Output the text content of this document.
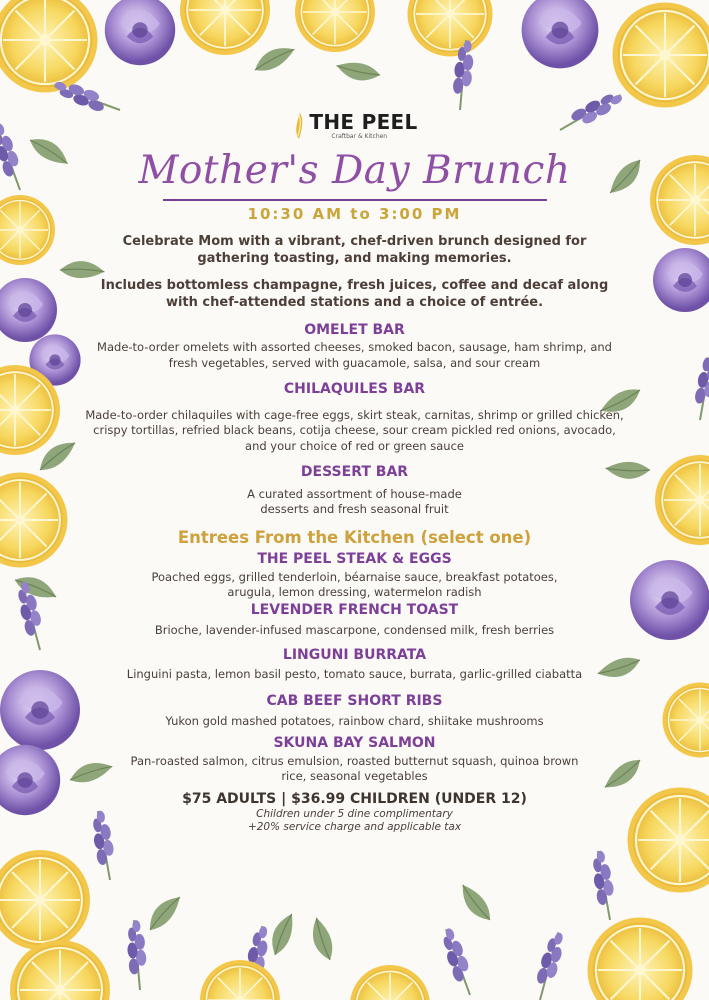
THE PEEL
Craftbar & Kitchen
Mother's Day Brunch
10:30 AM to 3:00 PM

Celebrate Mom with a vibrant, chef-driven brunch designed for gathering toasting, and making memories.

Includes bottomless champagne, fresh juices, coffee and decaf along with chef-attended stations and a choice of entrée.

OMELET BAR

Made-to-order omelets with assorted cheeses, smoked bacon, sausage, ham shrimp, and fresh vegetables, served with guacamole, salsa, and sour cream

CHILAQUILES BAR

Made-to-order chilaquiles with cage-free eggs, skirt steak, carnitas, shrimp or grilled chicken, crispy tortillas, refried black beans, cotija cheese, sour cream pickled red onions, avocado, and your choice of red or green sauce

DESSERT BAR

A curated assortment of house-made desserts and fresh seasonal fruit

Entrees From the Kitchen (select one)

THE PEEL STEAK & EGGS

Poached eggs, grilled tenderloin, béarnaise sauce, breakfast potatoes, arugula, lemon dressing, watermelon radish

LEVENDER FRENCH TOAST

Brioche, lavender-infused mascarpone, condensed milk, fresh berries

LINGUNI BURRATA

Linguini pasta, lemon basil pesto, tomato sauce, burrata, garlic-grilled ciabatta

CAB BEEF SHORT RIBS

Yukon gold mashed potatoes, rainbow chard, shiitake mushrooms

SKUNA BAY SALMON

Pan-roasted salmon, citrus emulsion, roasted butternut squash, quinoa brown rice, seasonal vegetables

$75 ADULTS | $36.99 CHILDREN (UNDER 12)

Children under 5 dine complimentary

+20% service charge and applicable tax
